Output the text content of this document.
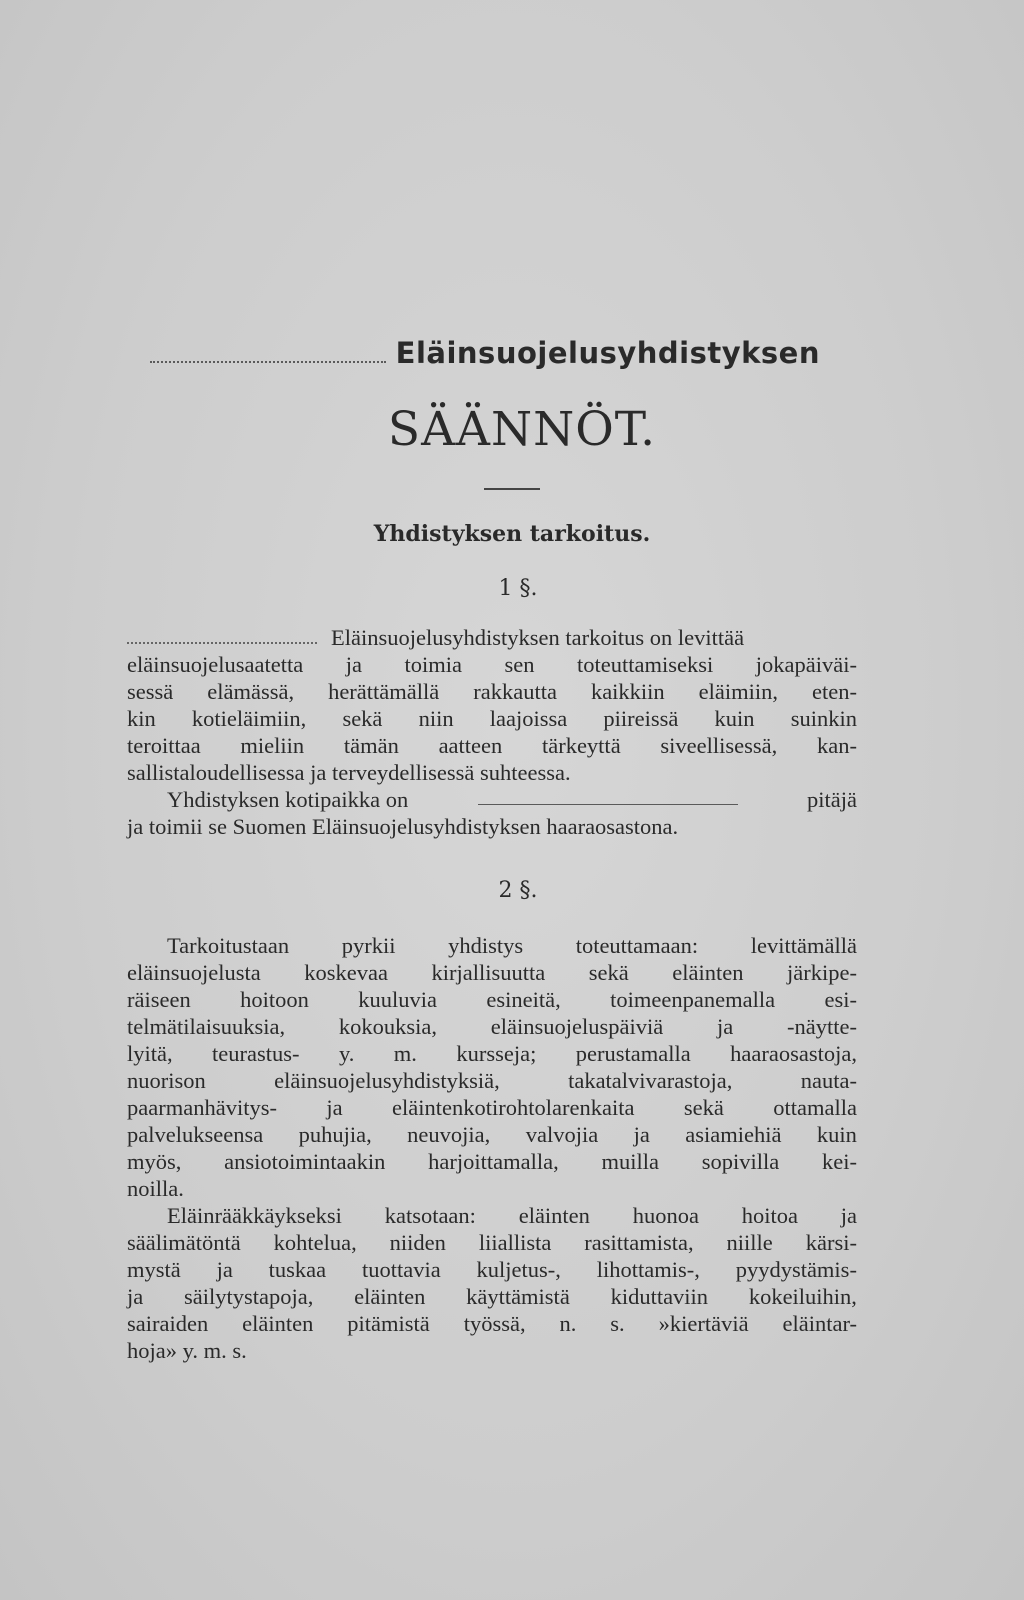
Eläinsuojelusyhdistyksen
SÄÄNNÖT.
Yhdistyksen tarkoitus.
1 §.
Eläinsuojelusyhdistyksen tarkoitus on levittää
eläinsuojelusaatetta ja toimia sen toteuttamiseksi jokapäiväi-
sessä elämässä, herättämällä rakkautta kaikkiin eläimiin, eten-
kin kotieläimiin, sekä niin laajoissa piireissä kuin suinkin
teroittaa mieliin tämän aatteen tärkeyttä siveellisessä, kan-
sallistaloudellisessa ja terveydellisessä suhteessa.
Yhdistyksen kotipaikka on	pitäjä
ja toimii se Suomen Eläinsuojelusyhdistyksen haaraosastona.
2 §.
Tarkoitustaan pyrkii yhdistys toteuttamaan: levittämällä
eläinsuojelusta koskevaa kirjallisuutta sekä eläinten järkipe-
räiseen hoitoon kuuluvia esineitä, toimeenpanemalla esi-
telmätilaisuuksia, kokouksia, eläinsuojeluspäiviä ja -näytte-
lyitä, teurastus- y. m. kursseja; perustamalla haaraosastoja,
nuorison	eläinsuojelusyhdistyksiä,	takatalvivarastoja,	nauta-
paarmanhävitys- ja eläintenkotirohtolarenkaita sekä ottamalla
palvelukseensa puhujia, neuvojia, valvojia ja asiamiehiä kuin
myös, ansiotoimintaakin harjoittamalla, muilla sopivilla kei-
noilla.
Eläinrääkkäykseksi katsotaan: eläinten huonoa hoitoa ja
säälimätöntä kohtelua, niiden liiallista rasittamista, niille kärsi-
mystä ja tuskaa tuottavia kuljetus-, lihottamis-, pyydystämis-
ja säilytystapoja, eläinten käyttämistä kiduttaviin kokeiluihin,
sairaiden eläinten pitämistä työssä, n. s. »kiertäviä eläintar-
hoja» y. m. s.
